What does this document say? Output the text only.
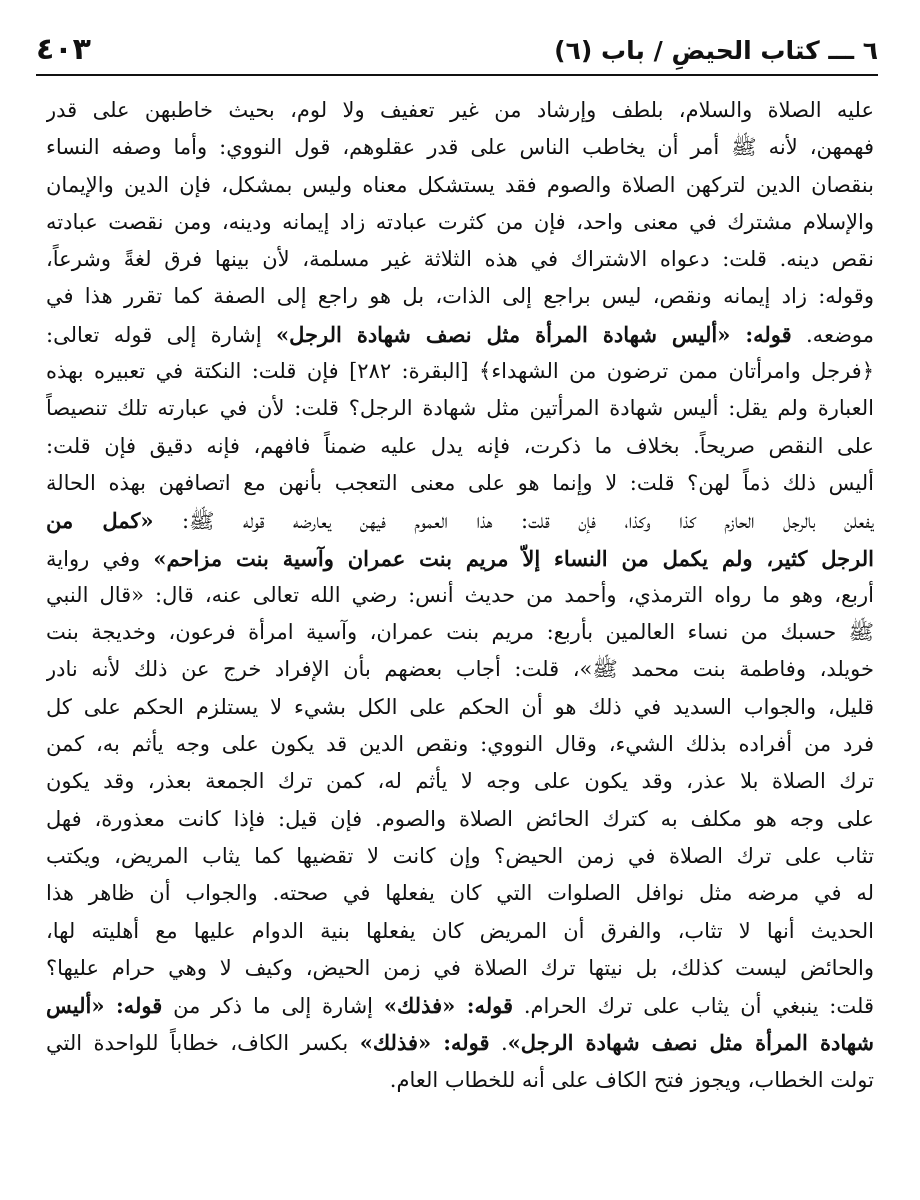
٦ ـــ كتاب الحيضِ / باب (٦)
٤٠٣
عليه الصلاة والسلام، بلطف وإرشاد من غير تعفيف ولا لوم، بحيث خاطبهن على قدر
فهمهن، لأنه ﷺ أمر أن يخاطب الناس على قدر عقلوهم، قول النووي: وأما وصفه النساء
بنقصان الدين لتركهن الصلاة والصوم فقد يستشكل معناه وليس بمشكل، فإن الدين والإيمان
والإسلام مشترك في معنى واحد، فإن من كثرت عبادته زاد إيمانه ودينه، ومن نقصت عبادته
نقص دينه. قلت: دعواه الاشتراك في هذه الثلاثة غير مسلمة، لأن بينها فرق لغةً وشرعاً،
وقوله: زاد إيمانه ونقص، ليس براجع إلى الذات، بل هو راجع إلى الصفة كما تقرر هذا في
موضعه. قوله: «أليس شهادة المرأة مثل نصف شهادة الرجل» إشارة إلى قوله تعالى:
﴿فرجل وامرأتان ممن ترضون من الشهداء﴾ [البقرة: ٢٨٢] فإن قلت: النكتة في تعبيره بهذه
العبارة ولم يقل: أليس شهادة المرأتين مثل شهادة الرجل؟ قلت: لأن في عبارته تلك تنصيصاً
على النقص صريحاً. بخلاف ما ذكرت، فإنه يدل عليه ضمناً فافهم، فإنه دقيق فإن قلت:
أليس ذلك ذماً لهن؟ قلت: لا وإنما هو على معنى التعجب بأنهن مع اتصافهن بهذه الحالة
يفعلن بالرجل الحازم كذا وكذا، فإن قلت: هذا العموم فيهن يعارضه قوله ﷺ: «كمل من
الرجل كثير، ولم يكمل من النساء إلاّ مريم بنت عمران وآسية بنت مزاحم» وفي رواية
أربع، وهو ما رواه الترمذي، وأحمد من حديث أنس: رضي الله تعالى عنه، قال: «قال النبي
ﷺ حسبك من نساء العالمين بأربع: مريم بنت عمران، وآسية امرأة فرعون، وخديجة بنت
خويلد، وفاطمة بنت محمد ﷺ»، قلت: أجاب بعضهم بأن الإفراد خرج عن ذلك لأنه نادر
قليل، والجواب السديد في ذلك هو أن الحكم على الكل بشيء لا يستلزم الحكم على كل
فرد من أفراده بذلك الشيء، وقال النووي: ونقص الدين قد يكون على وجه يأثم به، كمن
ترك الصلاة بلا عذر، وقد يكون على وجه لا يأثم له، كمن ترك الجمعة بعذر، وقد يكون
على وجه هو مكلف به كترك الحائض الصلاة والصوم. فإن قيل: فإذا كانت معذورة، فهل
تثاب على ترك الصلاة في زمن الحيض؟ وإن كانت لا تقضيها كما يثاب المريض، ويكتب
له في مرضه مثل نوافل الصلوات التي كان يفعلها في صحته. والجواب أن ظاهر هذا
الحديث أنها لا تثاب، والفرق أن المريض كان يفعلها بنية الدوام عليها مع أهليته لها،
والحائض ليست كذلك، بل نيتها ترك الصلاة في زمن الحيض، وكيف لا وهي حرام عليها؟
قلت: ينبغي أن يثاب على ترك الحرام. قوله: «فذلك» إشارة إلى ما ذكر من قوله: «أليس
شهادة المرأة مثل نصف شهادة الرجل». قوله: «فذلك» بكسر الكاف، خطاباً للواحدة التي
تولت الخطاب، ويجوز فتح الكاف على أنه للخطاب العام.
